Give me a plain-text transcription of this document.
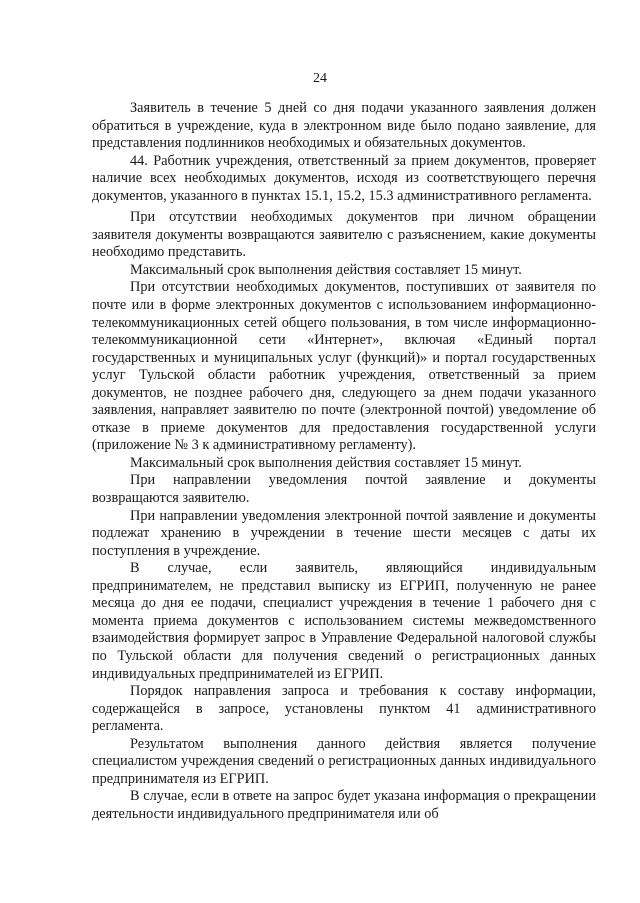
24

Заявитель в течение 5 дней со дня подачи указанного заявления должен обратиться в учреждение, куда в электронном виде было подано заявление, для представления подлинников необходимых и обязательных документов.

44. Работник учреждения, ответственный за прием документов, проверяет наличие всех необходимых документов, исходя из соответствующего перечня документов, указанного в пунктах 15.1, 15.2, 15.3 административного регламента.

При отсутствии необходимых документов при личном обращении заявителя документы возвращаются заявителю с разъяснением, какие документы необходимо представить.

Максимальный срок выполнения действия составляет 15 минут.

При отсутствии необходимых документов, поступивших от заявителя по почте или в форме электронных документов с использованием информационно-телекоммуникационных сетей общего пользования, в том числе информационно-телекоммуникационной сети «Интернет», включая «Единый портал государственных и муниципальных услуг (функций)» и портал государственных услуг Тульской области работник учреждения, ответственный за прием документов, не позднее рабочего дня, следующего за днем подачи указанного заявления, направляет заявителю по почте (электронной почтой) уведомление об отказе в приеме документов для предоставления государственной услуги (приложение № 3 к административному регламенту).

Максимальный срок выполнения действия составляет 15 минут.

При направлении уведомления почтой заявление и документы возвращаются заявителю.

При направлении уведомления электронной почтой заявление и документы подлежат хранению в учреждении в течение шести месяцев с даты их поступления в учреждение.

В случае, если заявитель, являющийся индивидуальным предпринимателем, не представил выписку из ЕГРИП, полученную не ранее месяца до дня ее подачи, специалист учреждения в течение 1 рабочего дня с момента приема документов с использованием системы межведомственного взаимодействия формирует запрос в Управление Федеральной налоговой службы по Тульской области для получения сведений о регистрационных данных индивидуальных предпринимателей из ЕГРИП.

Порядок направления запроса и требования к составу информации, содержащейся в запросе, установлены пунктом 41 административного регламента.

Результатом выполнения данного действия является получение специалистом учреждения сведений о регистрационных данных индивидуального предпринимателя из ЕГРИП.

В случае, если в ответе на запрос будет указана информация о прекращении деятельности индивидуального предпринимателя или об
